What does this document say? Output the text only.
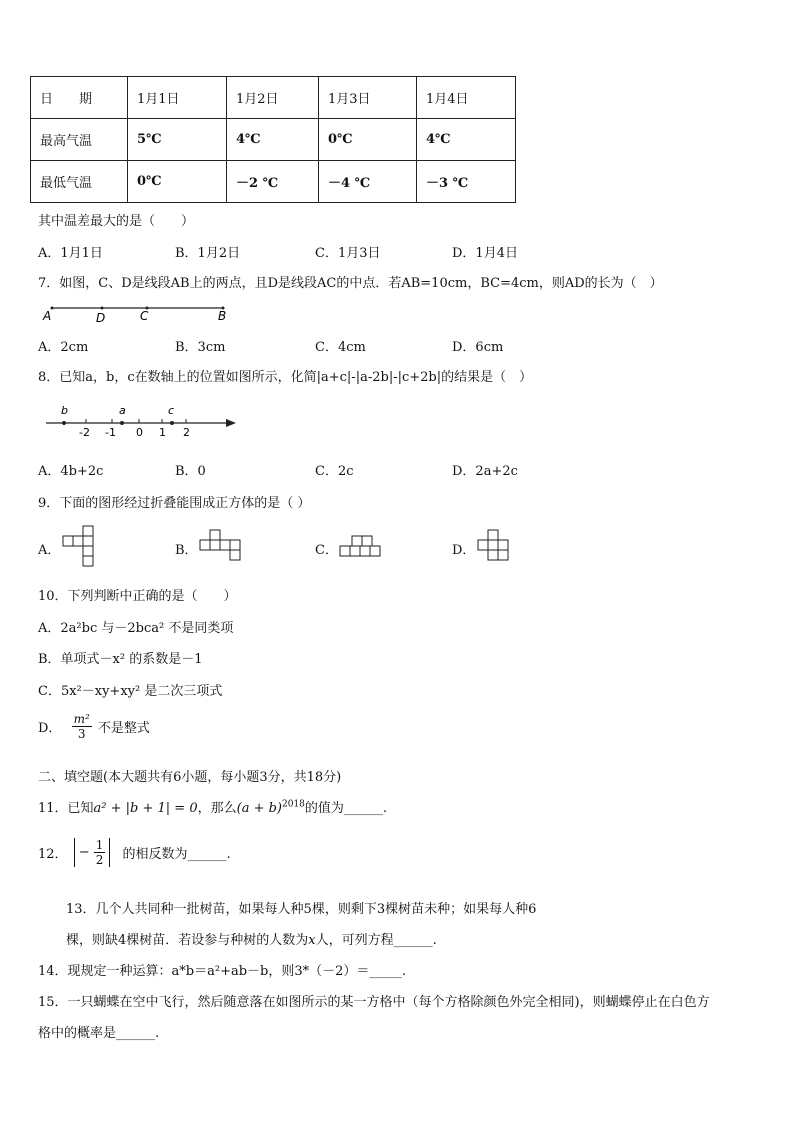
日　　期	1月1日	1月2日	1月3日	1月4日
最高气温	5℃	4℃	0℃	4℃
最低气温	0℃	－2 ℃	－4 ℃	－3 ℃
其中温差最大的是（　　）
A．1月1日	B．1月2日	C．1月3日	D．1月4日
7．如图，C、D是线段AB上的两点，且D是线段AC的中点．若AB=10cm，BC=4cm，则AD的长为（　）
A	D	C	B
A．2cm	B．3cm	C．4cm	D．6cm
8．已知a，b，c在数轴上的位置如图所示，化简|a+c|-|a-2b|-|c+2b|的结果是（　）
b	a	c
-2 -1 0 1 2
A．4b+2c	B．0	C．2c	D．2a+2c
9．下面的图形经过折叠能围成正方体的是（ ）
A．	B．	C．	D．
10．下列判断中正确的是（　　）
A．2a²bc 与－2bca² 不是同类项
B．单项式－x² 的系数是－1
C．5x²－xy+xy² 是二次三项式
D． $\frac{\text{m²}}{3}$ 不是整式
二、填空题(本大题共有6小题，每小题3分，共18分)
11．已知a² + |b + 1| = 0，那么$(a + b)^{2018}$的值为______.
12． − $\frac{1}{2}$ 的相反数为______.
13．几个人共同种一批树苗，如果每人种5棵，则剩下3棵树苗未种；如果每人种6
棵，则缺4棵树苗．若设参与种树的人数为x人，可列方程______.
14．现规定一种运算：a*b＝a²+ab－b，则3*（－2）＝_____.
15．一只蝴蝶在空中飞行，然后随意落在如图所示的某一方格中（每个方格除颜色外完全相同)，则蝴蝶停止在白色方
格中的概率是______.
